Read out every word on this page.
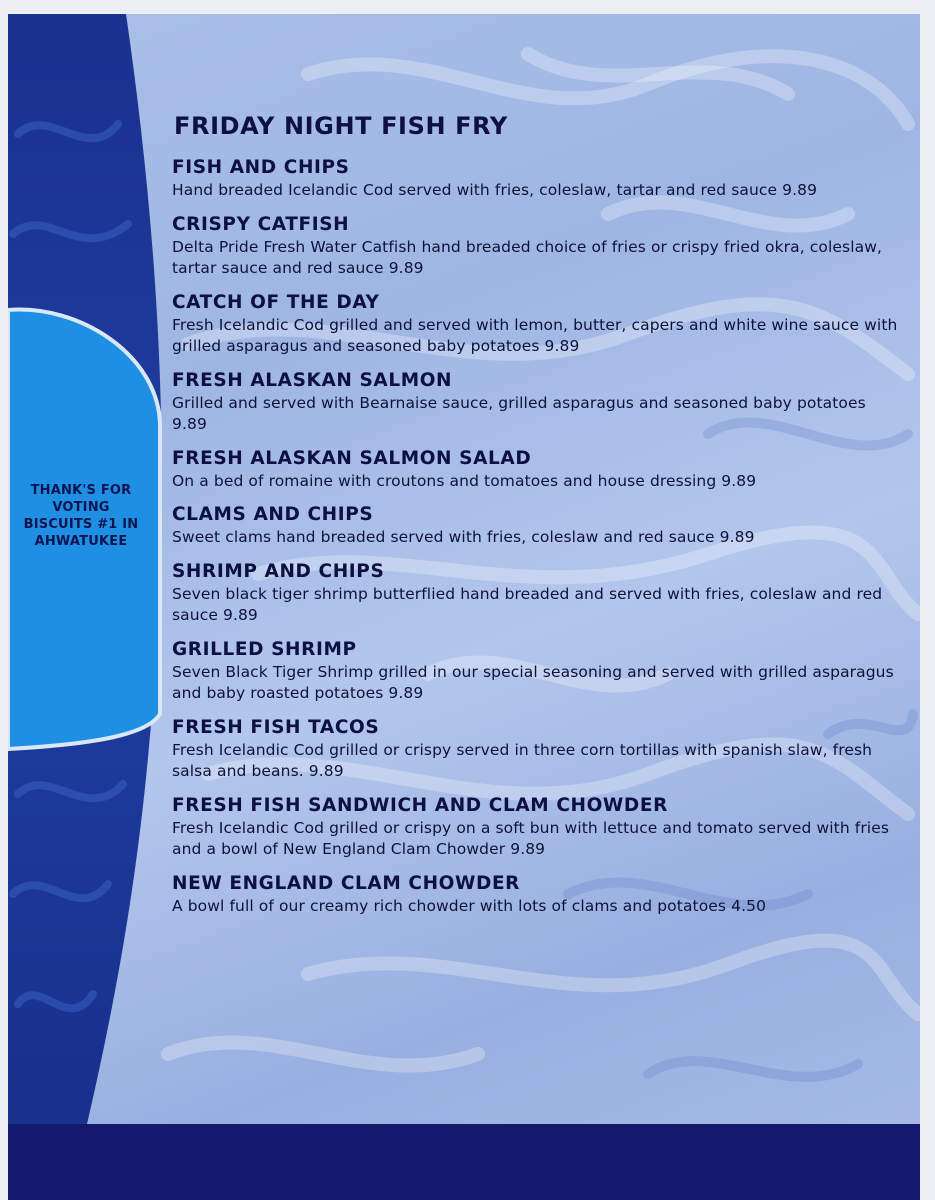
THANK'S FOR
VOTING
BISCUITS #1 IN
AHWATUKEE
FRIDAY NIGHT FISH FRY

FISH AND CHIPS

Hand breaded Icelandic Cod served with fries, coleslaw, tartar and red sauce 9.89

CRISPY CATFISH

Delta Pride Fresh Water Catfish hand breaded choice of fries or crispy fried okra, coleslaw, tartar sauce and red sauce 9.89

CATCH OF THE DAY

Fresh Icelandic Cod grilled and served with lemon, butter, capers and white wine sauce with grilled asparagus and seasoned baby potatoes 9.89

FRESH ALASKAN SALMON

Grilled and served with Bearnaise sauce, grilled asparagus and seasoned baby potatoes 9.89

FRESH ALASKAN SALMON SALAD

On a bed of romaine with croutons and tomatoes and house dressing 9.89

CLAMS AND CHIPS

Sweet clams hand breaded served with fries, coleslaw and red sauce 9.89

SHRIMP AND CHIPS

Seven black tiger shrimp butterflied hand breaded and served with fries, coleslaw and red sauce 9.89

GRILLED SHRIMP

Seven Black Tiger Shrimp grilled in our special seasoning and served with grilled asparagus and baby roasted potatoes 9.89

FRESH FISH TACOS

Fresh Icelandic Cod grilled or crispy served in three corn tortillas with spanish slaw, fresh salsa and beans. 9.89

FRESH FISH SANDWICH AND CLAM CHOWDER

Fresh Icelandic Cod grilled or crispy on a soft bun with lettuce and tomato served with fries and a bowl of New England Clam Chowder 9.89

NEW ENGLAND CLAM CHOWDER

A bowl full of our creamy rich chowder with lots of clams and potatoes 4.50
